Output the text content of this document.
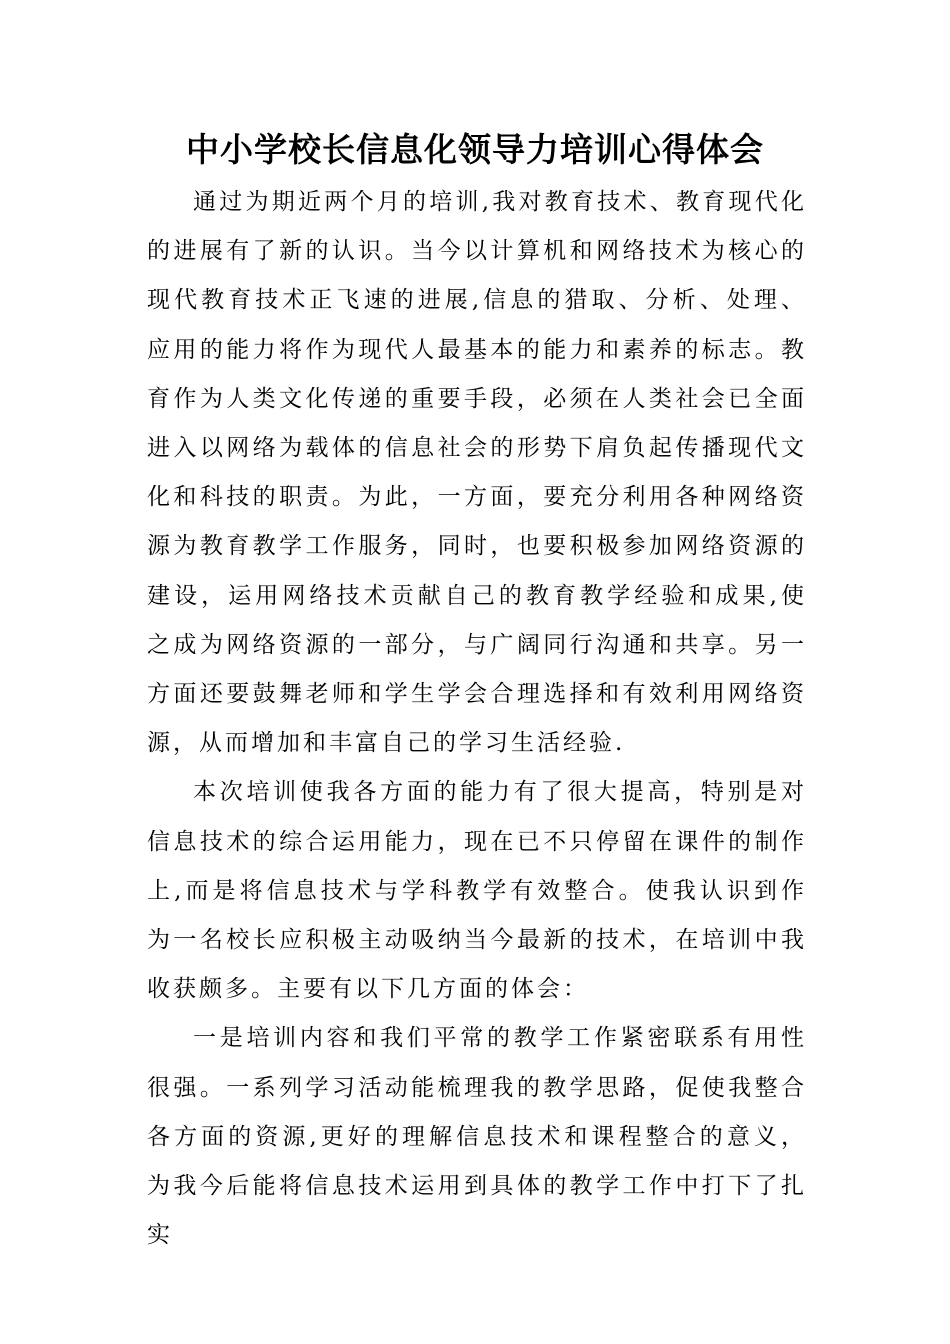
中小学校长信息化领导力培训心得体会

通过为期近两个月的培训,我对教育技术、教育现代化的进展有了新的认识。当今以计算机和网络技术为核心的现代教育技术正飞速的进展,信息的猎取、分析、处理、应用的能力将作为现代人最基本的能力和素养的标志。教育作为人类文化传递的重要手段，必须在人类社会已全面进入以网络为载体的信息社会的形势下肩负起传播现代文化和科技的职责。为此，一方面，要充分利用各种网络资源为教育教学工作服务，同时，也要积极参加网络资源的建设，运用网络技术贡献自己的教育教学经验和成果,使之成为网络资源的一部分，与广阔同行沟通和共享。另一方面还要鼓舞老师和学生学会合理选择和有效利用网络资源，从而增加和丰富自己的学习生活经验.

本次培训使我各方面的能力有了很大提高，特别是对信息技术的综合运用能力，现在已不只停留在课件的制作上,而是将信息技术与学科教学有效整合。使我认识到作为一名校长应积极主动吸纳当今最新的技术，在培训中我收获颇多。主要有以下几方面的体会：

一是培训内容和我们平常的教学工作紧密联系有用性很强。一系列学习活动能梳理我的教学思路，促使我整合各方面的资源,更好的理解信息技术和课程整合的意义，为我今后能将信息技术运用到具体的教学工作中打下了扎实
